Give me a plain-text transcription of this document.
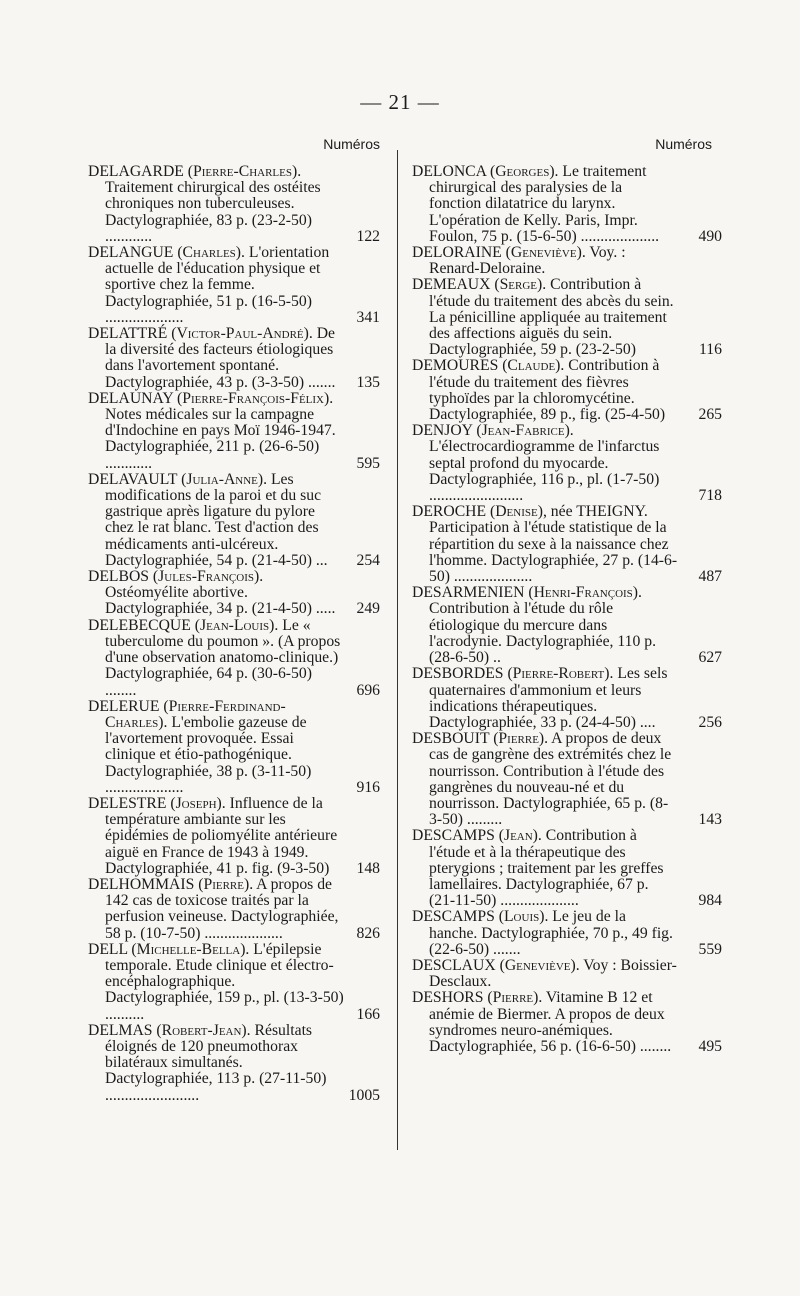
— 21 —
Numéros
DELAGARDE (Pierre-Charles). Traitement chirurgical des ostéites chroniques non tuberculeuses. Dactylographiée, 83 p. (23-2-50) ............	122
DELANGUE (Charles). L'orientation actuelle de l'éducation physique et sportive chez la femme. Dactylographiée, 51 p. (16-5-50) ....................	341
DELATTRÉ (Victor-Paul-André). De la diversité des facteurs étiologiques dans l'avortement spontané. Dactylographiée, 43 p. (3-3-50) .......	135
DELAUNAY (Pierre-François-Félix). Notes médicales sur la campagne d'Indochine en pays Moï 1946-1947. Dactylographiée, 211 p. (26-6-50) ............	595
DELAVAULT (Julia-Anne). Les modifications de la paroi et du suc gastrique après ligature du pylore chez le rat blanc. Test d'action des médicaments anti-ulcéreux. Dactylographiée, 54 p. (21-4-50) ...	254
DELBOS (Jules-François). Ostéomyélite abortive. Dactylographiée, 34 p. (21-4-50) .....	249
DELEBECQUE (Jean-Louis). Le « tuberculome du poumon ». (A propos d'une observation anatomo-clinique.) Dactylographiée, 64 p. (30-6-50) ........	696
DELERUE (Pierre-Ferdinand-Charles). L'embolie gazeuse de l'avortement provoquée. Essai clinique et étio-pathogénique. Dactylographiée, 38 p. (3-11-50) ....................	916
DELESTRE (Joseph). Influence de la température ambiante sur les épidémies de poliomyélite antérieure aiguë en France de 1943 à 1949. Dactylographiée, 41 p. fig. (9-3-50)	148
DELHOMMAIS (Pierre). A propos de 142 cas de toxicose traités par la perfusion veineuse. Dactylographiée, 58 p. (10-7-50) ....................	826
DELL (Michelle-Bella). L'épilepsie temporale. Etude clinique et électro-encéphalographique. Dactylographiée, 159 p., pl. (13-3-50) ..........	166
DELMAS (Robert-Jean). Résultats éloignés de 120 pneumothorax bilatéraux simultanés. Dactylographiée, 113 p. (27-11-50) ........................	1005
Numéros
DELONCA (Georges). Le traitement chirurgical des paralysies de la fonction dilatatrice du larynx. L'opération de Kelly. Paris, Impr. Foulon, 75 p. (15-6-50) ....................	490
DELORAINE (Geneviève). Voy. : Renard-Deloraine.
DEMEAUX (Serge). Contribution à l'étude du traitement des abcès du sein. La pénicilline appliquée au traitement des affections aiguës du sein. Dactylographiée, 59 p. (23-2-50)	116
DEMOURES (Claude). Contribution à l'étude du traitement des fièvres typhoïdes par la chloromycétine. Dactylographiée, 89 p., fig. (25-4-50)	265
DENJOY (Jean-Fabrice). L'électrocardiogramme de l'infarctus septal profond du myocarde. Dactylographiée, 116 p., pl. (1-7-50) ........................	718
DEROCHE (Denise), née THEIGNY. Participation à l'étude statistique de la répartition du sexe à la naissance chez l'homme. Dactylographiée, 27 p. (14-6-50) ....................	487
DESARMENIEN (Henri-François). Contribution à l'étude du rôle étiologique du mercure dans l'acrodynie. Dactylographiée, 110 p. (28-6-50) ..	627
DESBORDES (Pierre-Robert). Les sels quaternaires d'ammonium et leurs indications thérapeutiques. Dactylographiée, 33 p. (24-4-50) ....	256
DESBOUIT (Pierre). A propos de deux cas de gangrène des extrémités chez le nourrisson. Contribution à l'étude des gangrènes du nouveau-né et du nourrisson. Dactylographiée, 65 p. (8-3-50) .........	143
DESCAMPS (Jean). Contribution à l'étude et à la thérapeutique des pterygions ; traitement par les greffes lamellaires. Dactylographiée, 67 p. (21-11-50) ....................	984
DESCAMPS (Louis). Le jeu de la hanche. Dactylographiée, 70 p., 49 fig. (22-6-50) .......	559
DESCLAUX (Geneviève). Voy : Boissier-Desclaux.
DESHORS (Pierre). Vitamine B 12 et anémie de Biermer. A propos de deux syndromes neuro-anémiques. Dactylographiée, 56 p. (16-6-50) ........	495
